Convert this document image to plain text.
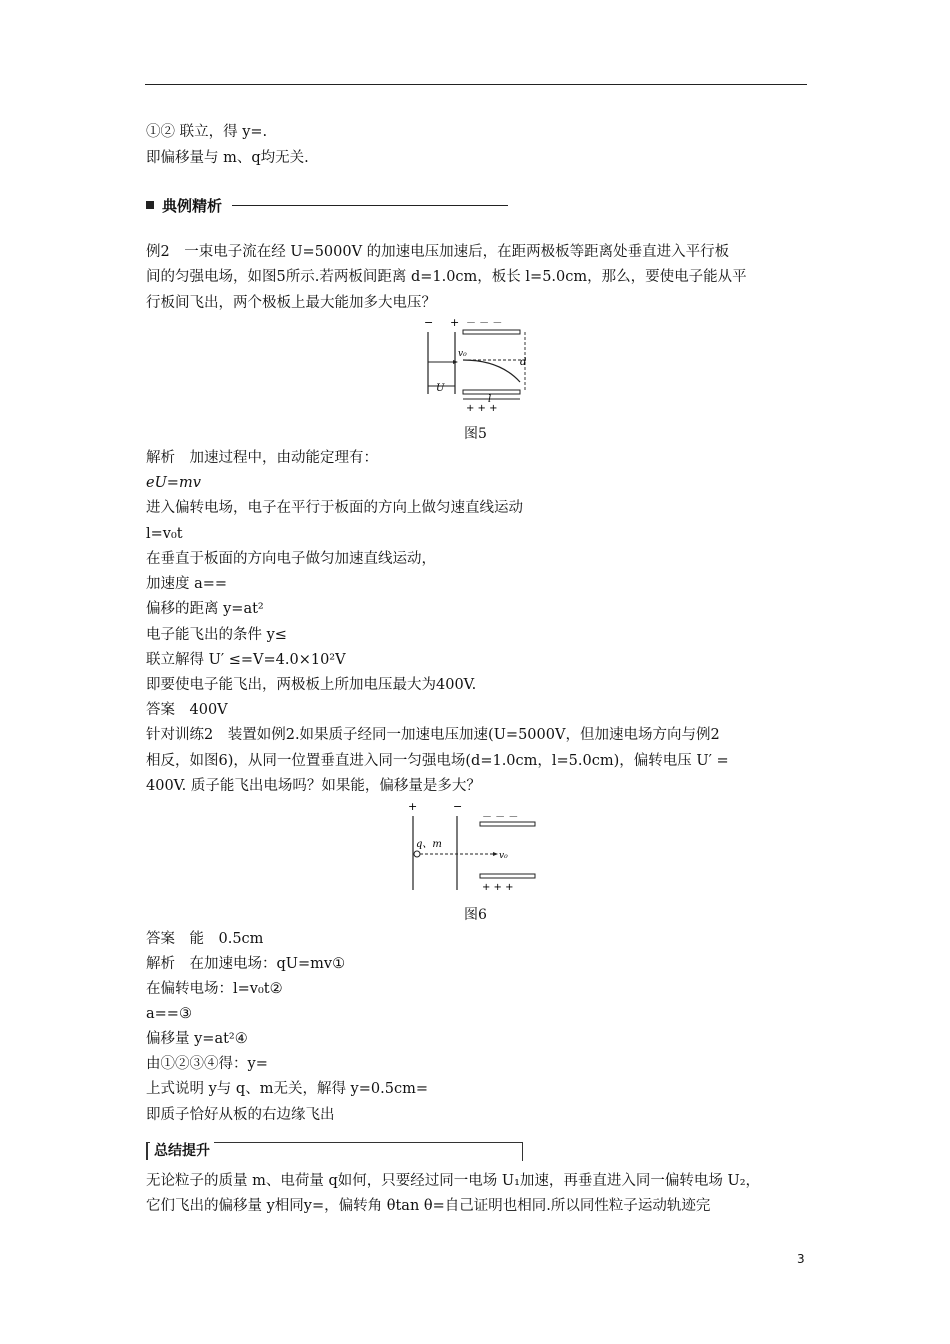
①② 联立，得 y=.
即偏移量与 m、q均无关.
典例精析
例2　一束电子流在经 U=5000V 的加速电压加速后，在距两极板等距离处垂直进入平行板
间的匀强电场，如图5所示.若两板间距离 d=1.0cm，板长 l=5.0cm，那么，要使电子能从平
行板间飞出，两个极板上最大能加多大电压？
− + － － －
v₀
d
U
l
+ + +
图5
解析　加速过程中，由动能定理有：
eU=mv
进入偏转电场，电子在平行于板面的方向上做匀速直线运动
l=v₀t
在垂直于板面的方向电子做匀加速直线运动，
加速度 a==
偏移的距离 y=at²
电子能飞出的条件 y≤
联立解得 U′ ≤=V=4.0×10²V
即要使电子能飞出，两极板上所加电压最大为400V.
答案　400V
针对训练2　装置如例2.如果质子经同一加速电压加速(U=5000V，但加速电场方向与例2
相反，如图6)，从同一位置垂直进入同一匀强电场(d=1.0cm，l=5.0cm)，偏转电压 U′ =
400V. 质子能飞出电场吗？如果能，偏移量是多大？
+	−
－ － －
q、m
v₀
+ + +
图6
答案　能　0.5cm
解析　在加速电场：qU=mv①
在偏转电场：l=v₀t②
a==③
偏移量 y=at²④
由①②③④得：y=
上式说明 y与 q、m无关，解得 y=0.5cm=
即质子恰好从板的右边缘飞出
总结提升
无论粒子的质量 m、电荷量 q如何，只要经过同一电场 U₁加速，再垂直进入同一偏转电场 U₂，
它们飞出的偏移量 y相同y=，偏转角 θtan θ=自己证明也相同.所以同性粒子运动轨迹完
3
